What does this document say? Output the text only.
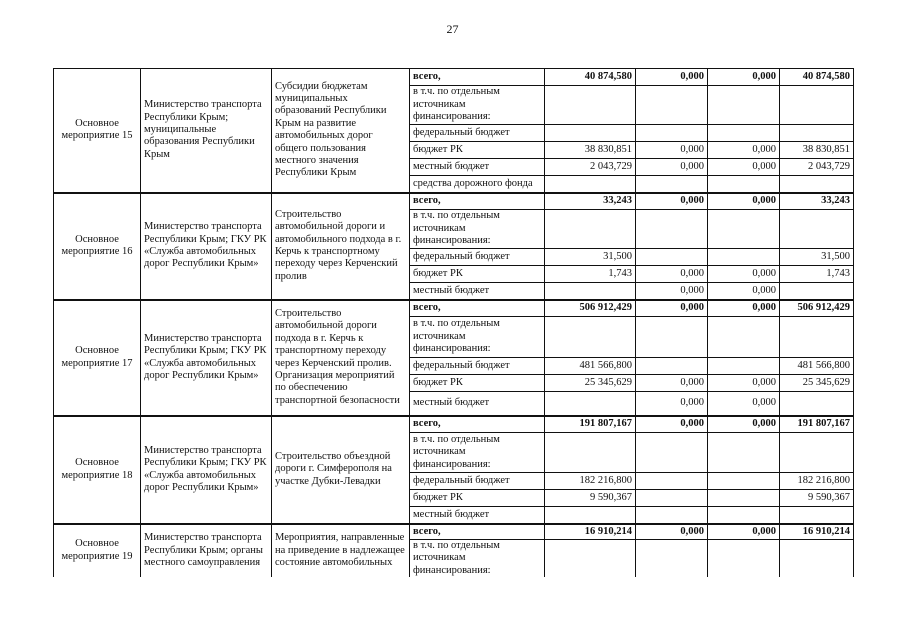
27
Основное мероприятие 15	Министерство транспорта Республики Крым; муниципальные образования Республики Крым	Субсидии бюджетам муниципальных образований Республики Крым на развитие автомобильных дорог общего пользования местного значения Республики Крым	всего,	40 874,580	0,000	0,000	40 874,580
			в т.ч. по отдельным источникам финансирования:				
			федеральный бюджет				
			бюджет РК	38 830,851	0,000	0,000	38 830,851
			местный бюджет	2 043,729	0,000	0,000	2 043,729
			средства дорожного фонда				
Основное мероприятие 16	Министерство транспорта Республики Крым; ГКУ РК «Служба автомобильных дорог Республики Крым»	Строительство автомобильной дороги и автомобильного подхода в г. Керчь к транспортному переходу через Керченский пролив	всего,	33,243	0,000	0,000	33,243
			в т.ч. по отдельным источникам финансирования:				
			федеральный бюджет	31,500			31,500
			бюджет РК	1,743	0,000	0,000	1,743
			местный бюджет		0,000	0,000	
Основное мероприятие 17	Министерство транспорта Республики Крым; ГКУ РК «Служба автомобильных дорог Республики Крым»	Строительство автомобильной дороги подхода в г. Керчь к транспортному переходу через Керченский пролив. Организация мероприятий по обеспечению транспортной безопасности	всего,	506 912,429	0,000	0,000	506 912,429
			в т.ч. по отдельным источникам финансирования:				
			федеральный бюджет	481 566,800			481 566,800
			бюджет РК	25 345,629	0,000	0,000	25 345,629
			местный бюджет		0,000	0,000	
Основное мероприятие 18	Министерство транспорта Республики Крым; ГКУ РК «Служба автомобильных дорог Республики Крым»	Строительство объездной дороги г. Симферополя на участке Дубки-Левадки	всего,	191 807,167	0,000	0,000	191 807,167
			в т.ч. по отдельным источникам финансирования:				
			федеральный бюджет	182 216,800			182 216,800
			бюджет РК	9 590,367			9 590,367
			местный бюджет				
Основное мероприятие 19	Министерство транспорта Республики Крым; органы местного самоуправления	Мероприятия, направленные на приведение в надлежащее состояние автомобильных	всего,	16 910,214	0,000	0,000	16 910,214
			в т.ч. по отдельным источникам финансирования:				
